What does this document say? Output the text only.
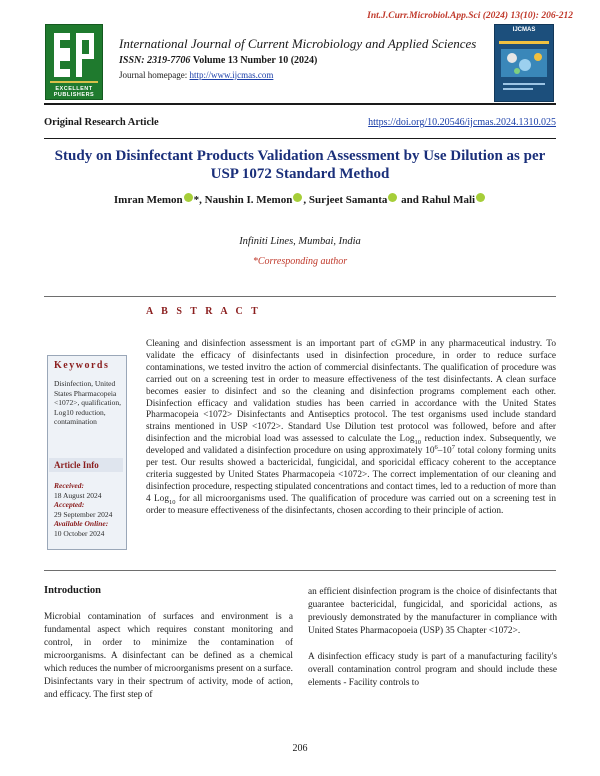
Int.J.Curr.Microbiol.App.Sci (2024) 13(10): 206-212
EXCELLENT PUBLISHERS
International Journal of Current Microbiology and Applied Sciences
ISSN: 2319-7706 Volume 13 Number 10 (2024)
Journal homepage: http://www.ijcmas.com
IJCMAS
Original Research Article	https://doi.org/10.20546/ijcmas.2024.1310.025
Study on Disinfectant Products Validation Assessment by Use Dilution as per USP 1072 Standard Method
Imran Memon *, Naushin I. Memon , Surjeet Samanta and Rahul Mali
Infiniti Lines, Mumbai, India
*Corresponding author
A B S T R A C T
Keywords
Disinfection, United States Pharmacopeia <1072>, qualification, Log10 reduction, contamination
Article Info
Received:
18 August 2024
Accepted:
29 September 2024
Available Online:
10 October 2024
Cleaning and disinfection assessment is an important part of cGMP in any pharmaceutical industry. To validate the efficacy of disinfectants used in disinfection procedure, in order to reduce surface contaminations, we tested invitro the action of commercial disinfectants. The qualification of procedure was carried out on a screening test in order to measure effectiveness of the test disinfectants. A clean surface becomes easier to disinfect and so the cleaning and disinfection programs complement each other. Disinfection efficacy and validation studies has been carried in accordance with the United States Pharmacopeia <1072> Disinfectants and Antiseptics protocol. The test organisms used include standard strains mentioned in USP <1072>. Standard Use Dilution test protocol was followed, before and after disinfection and the microbial load was assessed to calculate the Log$_{10}$ reduction index. Subsequently, we developed and validated a disinfection procedure on using approximately $10^6-10^7$ total colony forming units per test. Our results showed a bactericidal, fungicidal, and sporicidal efficacy coherent to the acceptance criteria suggested by United States Pharmacopeia <1072>. The correct implementation of our cleaning and disinfection procedure, respecting stipulated concentrations and contact times, led to a reduction of more than 4 Log$_{10}$ for all microorganisms used. The qualification of procedure was carried out on a screening test in order to measure effectiveness of the disinfectants, chosen according to their principle of action.
Introduction
Microbial contamination of surfaces and environment is a fundamental aspect which requires constant monitoring and control, in order to minimize the contamination of microorganisms. A disinfectant can be defined as a chemical which reduces the number of microorganisms present on a surface. Disinfectants vary in their spectrum of activity, mode of action, and efficacy. The first step of

an efficient disinfection program is the choice of disinfectants that guarantee bactericidal, fungicidal, and sporicidal actions, as previously demonstrated by the manufacturer in compliance with United States Pharmacopoeia (USP) 35 Chapter <1072>.

A disinfection efficacy study is part of a manufacturing facility's overall contamination control program and should include these elements - Facility controls to

206
